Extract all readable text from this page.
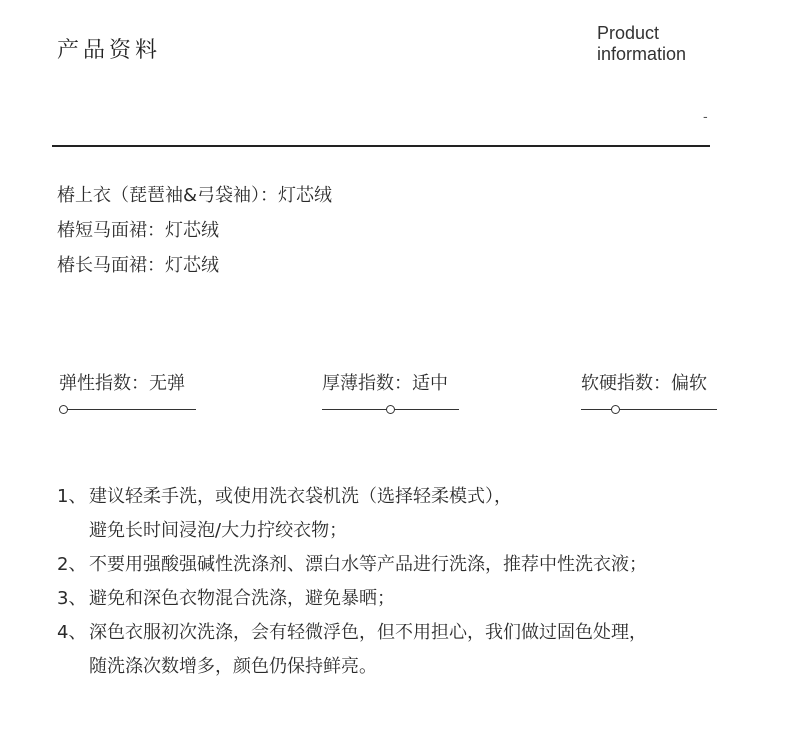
产品资料
Product
information
-
椿上衣（琵琶袖&弓袋袖）：灯芯绒
椿短马面裙：灯芯绒
椿长马面裙：灯芯绒
弹性指数：无弹	厚薄指数：适中	软硬指数：偏软
1、 建议轻柔手洗，或使用洗衣袋机洗（选择轻柔模式），
避免长时间浸泡/大力拧绞衣物；
2、 不要用强酸强碱性洗涤剂、漂白水等产品进行洗涤，推荐中性洗衣液；
3、 避免和深色衣物混合洗涤，避免暴晒；
4、 深色衣服初次洗涤，会有轻微浮色，但不用担心，我们做过固色处理，
随洗涤次数增多，颜色仍保持鲜亮。
